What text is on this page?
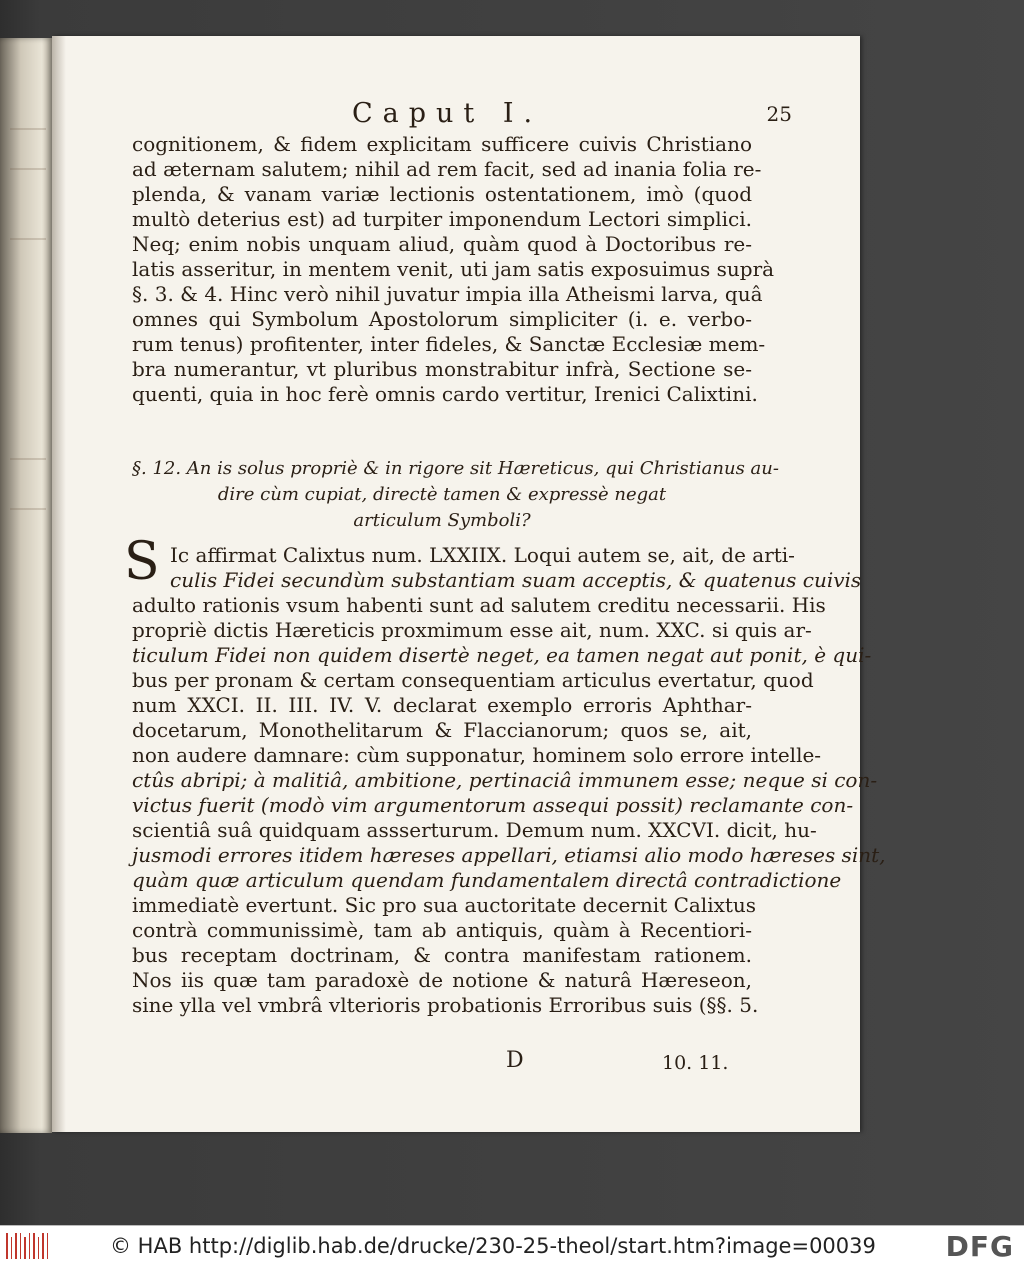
Caput I.	25
cognitionem, & fidem explicitam sufficere cuivis Christiano
ad æternam salutem; nihil ad rem facit, sed ad inania folia re-
plenda, & vanam variæ lectionis ostentationem, imò (quod
multò deterius est) ad turpiter imponendum Lectori simplici.
Neq; enim nobis unquam aliud, quàm quod à Doctoribus re-
latis asseritur, in mentem venit, uti jam satis exposuimus suprà
§. 3. & 4. Hinc verò nihil juvatur impia illa Atheismi larva, quâ
omnes qui Symbolum Apostolorum simpliciter (i. e. verbo-
rum tenus) profitenter, inter fideles, & Sanctæ Ecclesiæ mem-
bra numerantur, vt pluribus monstrabitur infrà, Sectione se-
quenti, quia in hoc ferè omnis cardo vertitur, Irenici Calixtini.
§. 12. An is solus propriè & in rigore sit Hæreticus, qui Christianus au-
dire cùm cupiat, directè tamen & expressè negat
articulum Symboli?
S Ic affirmat Calixtus num. LXXIIX. Loqui autem se, ait, de arti-
culis Fidei secundùm substantiam suam acceptis, & quatenus cuivis
adulto rationis vsum habenti sunt ad salutem creditu necessarii. His
propriè dictis Hæreticis proxmimum esse ait, num. XXC. si quis ar-
ticulum Fidei non quidem disertè neget, ea tamen negat aut ponit, è qui-
bus per pronam & certam consequentiam articulus evertatur, quod
num XXCI. II. III. IV. V. declarat exemplo erroris Aphthar-
docetarum, Monothelitarum & Flaccianorum; quos se, ait,
non audere damnare: cùm supponatur, hominem solo errore intelle-
ctûs abripi; à malitiâ, ambitione, pertinaciâ immunem esse; neque si con-
victus fuerit (modò vim argumentorum assequi possit) reclamante con-
scientiâ suâ quidquam assserturum. Demum num. XXCVI. dicit, hu-
jusmodi errores itidem hæreses appellari, etiamsi alio modo hæreses sint,
quàm quæ articulum quendam fundamentalem directâ contradictione
immediatè evertunt. Sic pro sua auctoritate decernit Calixtus
contrà communissimè, tam ab antiquis, quàm à Recentiori-
bus receptam doctrinam, & contra manifestam rationem.
Nos iis quæ tam paradoxè de notione & naturâ Hæreseon,
sine ylla vel vmbrâ vlterioris probationis Erroribus suis (§§. 5.
D	10. 11.
© HAB http://diglib.hab.de/drucke/230-25-theol/start.htm?image=00039 DFG
